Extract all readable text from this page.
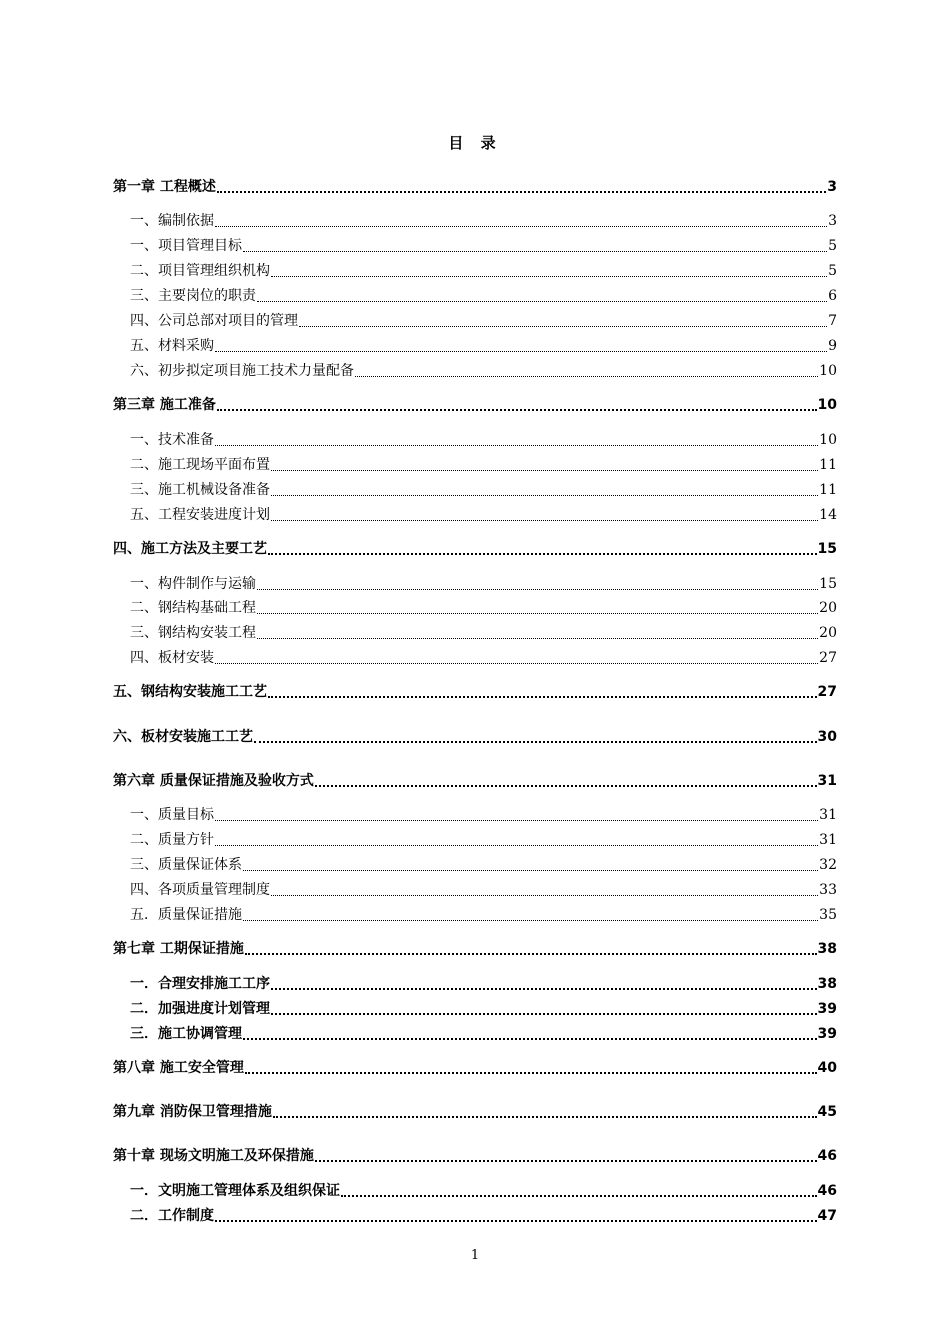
目 录
第一章 工程概述	3
一、编制依据	3
一、项目管理目标	5
二、项目管理组织机构	5
三、主要岗位的职责	6
四、公司总部对项目的管理	7
五、材料采购	9
六、初步拟定项目施工技术力量配备	10
第三章 施工准备	10
一、技术准备	10
二、施工现场平面布置	11
三、施工机械设备准备	11
五、工程安装进度计划	14
四、施工方法及主要工艺	15
一、构件制作与运输	15
二、钢结构基础工程	20
三、钢结构安装工程	20
四、板材安装	27
五、钢结构安装施工工艺	27
六、板材安装施工工艺	30
第六章 质量保证措施及验收方式	31
一、质量目标	31
二、质量方针	31
三、质量保证体系	32
四、各项质量管理制度	33
五．质量保证措施	35
第七章 工期保证措施	38
一．合理安排施工工序	38
二．加强进度计划管理	39
三．施工协调管理	39
第八章 施工安全管理	40
第九章 消防保卫管理措施	45
第十章 现场文明施工及环保措施	46
一．文明施工管理体系及组织保证	46
二．工作制度	47
1
